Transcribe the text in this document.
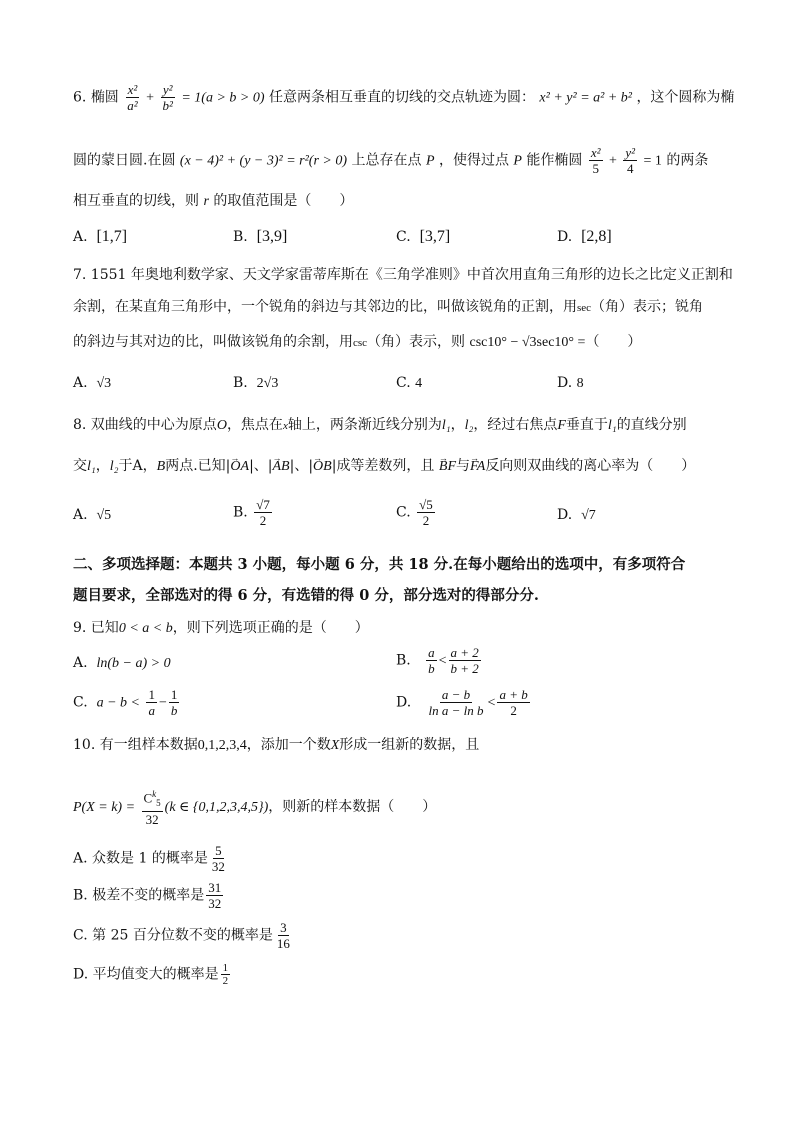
6. 椭圆 $\frac{\text{x²}}{\text{a²}} + \frac{\text{y²}}{\text{b²}} = 1(a > b > 0)$ 任意两条相互垂直的切线的交点轨迹为圆： x² + y² = a² + b² ，这个圆称为椭
圆的蒙日圆.在圆 (x − 4)² + (y − 3)² = r²(r > 0) 上总存在点 P ，使得过点 P 能作椭圆 $\frac{\text{x²}}{5} + \frac{\text{y²}}{4} = 1$ 的两条
相互垂直的切线，则 r 的取值范围是（　　）
A. [1,7]	B. [3,9]	C. [3,7]	D. [2,8]
7. 1551 年奥地利数学家、天文学家雷蒂库斯在《三角学准则》中首次用直角三角形的边长之比定义正割和
余割，在某直角三角形中，一个锐角的斜边与其邻边的比，叫做该锐角的正割，用sec（角）表示；锐角
的斜边与其对边的比，叫做该锐角的余割，用csc（角）表示，则 csc10° − √3sec10° =（　　）
A. √3	B. 2√3	C. 4	D. 8
8. 双曲线的中心为原点O，焦点在x轴上，两条渐近线分别为l₁，l₂，经过右焦点F垂直于l₁的直线分别
交l₁，l₂于A，B两点.已知|→ OA|、|→ AB|、|→ OB|成等差数列，且 → BF与→ FA反向则双曲线的离心率为（　　）
A. √5	B. $\frac{√7}{2}$	C. $\frac{√5}{2}$	D. √7
二、多项选择题：本题共 3 小题，每小题 6 分，共 18 分.在每小题给出的选项中，有多项符合
题目要求，全部选对的得 6 分，有选错的得 0 分，部分选对的得部分分.
9. 已知0 < a < b，则下列选项正确的是（　　）
A. ln(b − a) > 0	B. $\frac{a}{b} < \frac{a + 2}{b + 2}$
C. $a - b < \frac{1}{a} - \frac{1}{b}$	D. $\frac{a - b}{\text{ln a − ln b}} < \frac{a + b}{2}$
10. 有一组样本数据0,1,2,3,4，添加一个数X形成一组新的数据，且
$P(X = k) = \frac{C^k_5}{32} (k$ ∈ {0,1,2,3,4,5})，则新的样本数据（　　）
A. 众数是 1 的概率是 $\frac{5}{32}$
B. 极差不变的概率是 $\frac{31}{32}$
C. 第 25 百分位数不变的概率是 $\frac{3}{16}$
D. 平均值变大的概率是 $\frac{1}{2}$
